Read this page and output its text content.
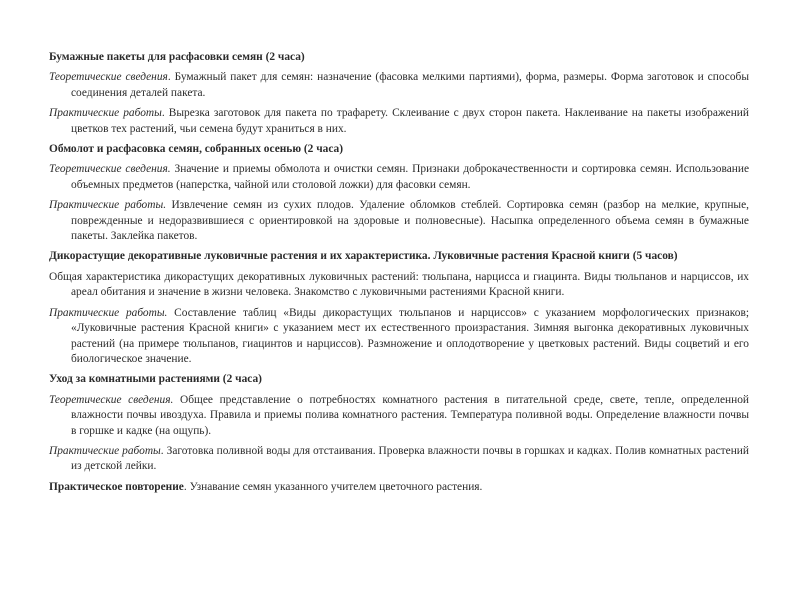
Бумажные пакеты для расфасовки семян (2 часа)

Теоретические сведения. Бумажный пакет для семян: назначение (фасовка мелкими партиями), форма, размеры. Форма заготовок и способы соединения деталей пакета.

Практические работы. Вырезка заготовок для пакета по трафарету. Склеивание с двух сторон пакета. Наклеивание на пакеты изображений цветков тех растений, чьи семена будут храниться в них.

Обмолот и расфасовка семян, собранных осенью (2 часа)

Теоретические сведения. Значение и приемы обмолота и очистки семян. Признаки доброкачественности и сортировка семян. Использование объемных предметов (наперстка, чайной или столовой ложки) для фасовки семян.

Практические работы. Извлечение семян из сухих плодов. Удаление обломков стеблей. Сортировка семян (разбор на мелкие, крупные, поврежденные и недоразвившиеся с ориентировкой на здоровые и полновесные). Насыпка определенного объема семян в бумажные пакеты. Заклейка пакетов.

Дикорастущие декоративные луковичные растения и их характеристика. Луковичные растения Красной книги (5 часов)

Общая характеристика дикорастущих декоративных луковичных растений: тюльпана, нарцисса и гиацинта. Виды тюльпанов и нарциссов, их ареал обитания и значение в жизни человека. Знакомство с луковичными растениями Красной книги.

Практические работы. Составление таблиц «Виды дикорастущих тюльпанов и нарциссов» с указанием морфологических признаков; «Луковичные растения Красной книги» с указанием мест их естественного произрастания. Зимняя выгонка декоративных луковичных растений (на примере тюльпанов, гиацинтов и нарциссов). Размножение и оплодотворение у цветковых растений. Виды соцветий и его биологическое значение.

Уход за комнатными растениями (2 часа)

Теоретические сведения. Общее представление о потребностях комнатного растения в питательной среде, свете, тепле, определенной влажности почвы ивоздуха. Правила и приемы полива комнатного растения. Температура поливной воды. Определение влажности почвы в горшке и кадке (на ощупь).

Практические работы. Заготовка поливной воды для отстаивания. Проверка влажности почвы в горшках и кадках. Полив комнатных растений из детской лейки.

Практическое повторение. Узнавание семян указанного учителем цветочного растения.
